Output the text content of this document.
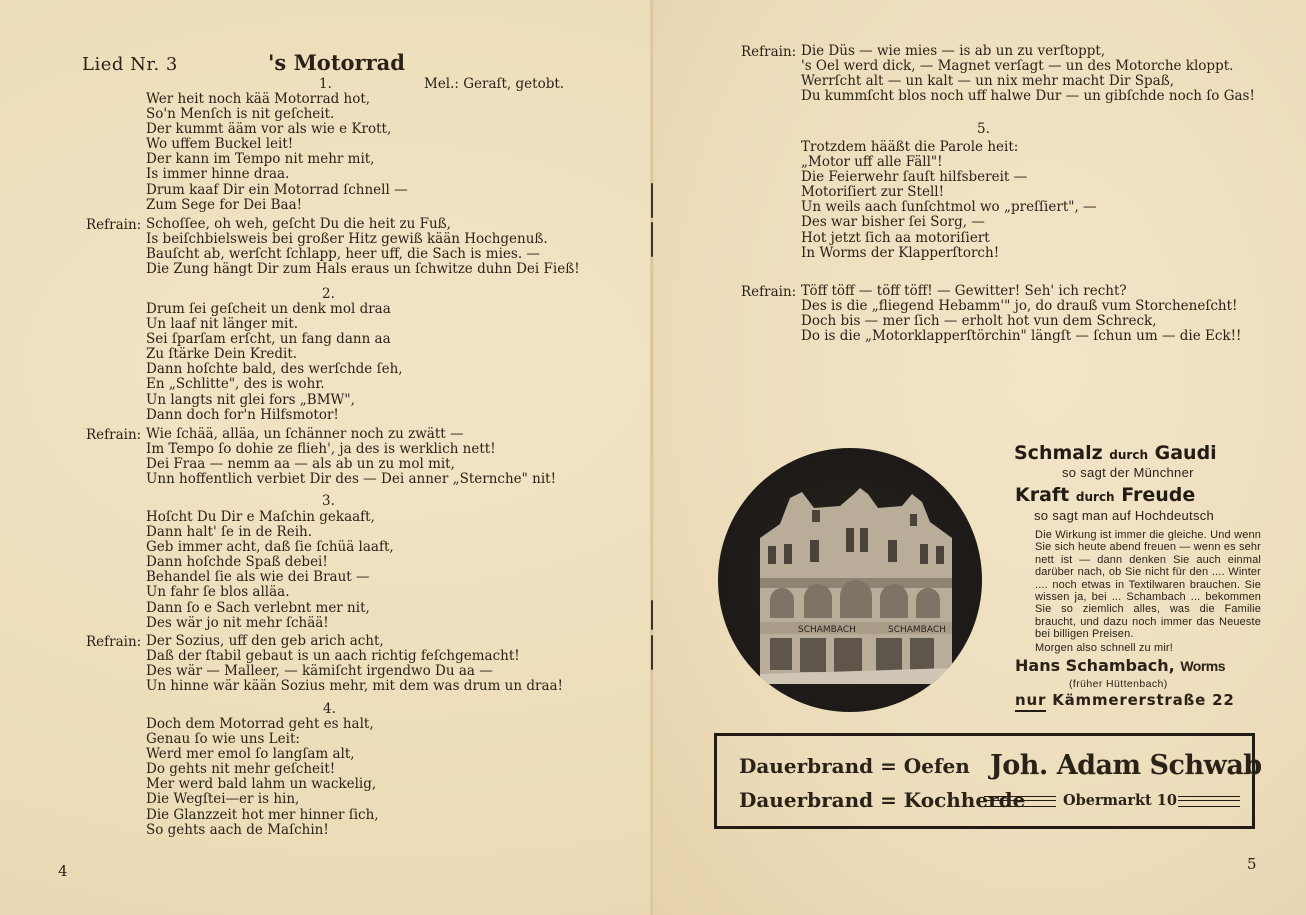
Lied Nr. 3	's Motorrad
1.	Mel.: Geraſt, getobt.
Wer heit noch kää Motorrad hot,
So'n Menſch is nit geſcheit.
Der kummt ääm vor als wie e Krott,
Wo uffem Buckel leit!
Der kann im Tempo nit mehr mit,
Is immer hinne draa.
Drum kaaf Dir ein Motorrad ſchnell —
Zum Sege for Dei Baa!
Refrain: Schoſſee, oh weh, geſcht Du die heit zu Fuß,
Is beiſchbielsweis bei großer Hitz gewiß kään Hochgenuß.
Bauſcht ab, werſcht ſchlapp, heer uff, die Sach is mies. —
Die Zung hängt Dir zum Hals eraus un ſchwitze duhn Dei Fieß!
2.
Drum ſei geſcheit un denk mol draa
Un laaf nit länger mit.
Sei ſparſam erſcht, un fang dann aa
Zu ſtärke Dein Kredit.
Dann hoſchte bald, des werſchde ſeh,
En „Schlitte", des is wohr.
Un langts nit glei fors „BMW",
Dann doch for'n Hilfsmotor!
Refrain: Wie ſchää, alläa, un ſchänner noch zu zwätt —
Im Tempo ſo dohie ze flieh', ja des is werklich nett!
Dei Fraa — nemm aa — als ab un zu mol mit,
Unn hoffentlich verbiet Dir des — Dei anner „Sternche" nit!
3.
Hoſcht Du Dir e Maſchin gekaaft,
Dann halt' ſe in de Reih.
Geb immer acht, daß ſie ſchüä laaft,
Dann hoſchde Spaß debei!
Behandel ſie als wie dei Braut —
Un fahr ſe blos alläa.
Dann ſo e Sach verlebnt mer nit,
Des wär jo nit mehr ſchää!
Refrain: Der Sozius, uff den geb arich acht,
Daß der ſtabil gebaut is un aach richtig feſchgemacht!
Des wär — Malleer, — kämiſcht irgendwo Du aa —
Un hinne wär kään Sozius mehr, mit dem was drum un draa!
4.
Doch dem Motorrad geht es halt,
Genau ſo wie uns Leit:
Werd mer emol ſo langſam alt,
Do gehts nit mehr geſcheit!
Mer werd bald lahm un wackelig,
Die Wegſtei—er is hin,
Die Glanzzeit hot mer hinner ſich,
So gehts aach de Maſchin!
4
Refrain: Die Düs — wie mies — is ab un zu verſtoppt,
's Oel werd dick, — Magnet verſagt — un des Motorche kloppt.
Werrſcht alt — un kalt — un nix mehr macht Dir Spaß,
Du kummſcht blos noch uff halwe Dur — un gibſchde noch ſo Gas!
5.
Trotzdem hääßt die Parole heit:
„Motor uff alle Fäll"!
Die Feierwehr ſauſt hilfsbereit —
Motoriſiert zur Stell!
Un weils aach ſunſchtmol wo „preſſiert", —
Des war bisher ſei Sorg, —
Hot jetzt ſich aa motoriſiert
In Worms der Klapperſtorch!
Refrain: Töff töff — töff töff! — Gewitter! Seh' ich recht?
Des is die „fliegend Hebamm'" jo, do drauß vum Storcheneſcht!
Doch bis — mer ſich — erholt hot vun dem Schreck,
Do is die „Motorklapperſtörchin" längſt — ſchun um — die Eck!!
SCHAMBACH	SCHAMBACH
Schmalz durch Gaudi
so sagt der Münchner
Kraft durch Freude
so sagt man auf Hochdeutsch
Die Wirkung ist immer die gleiche. Und wenn Sie sich heute abend freuen — wenn es sehr nett ist — dann denken Sie auch einmal darüber nach, ob Sie nicht für den .... Winter .... noch etwas in Textilwaren brauchen. Sie wissen ja, bei ... Schambach ... bekommen Sie so ziemlich alles, was die Familie braucht, und dazu noch immer das Neueste bei billigen Preisen.
Morgen also schnell zu mir!
Hans Schambach, Worms
(früher Hüttenbach)
nur Kämmererstraße 22
Dauerbrand = Oefen
Dauerbrand = Kochherde
Joh. Adam Schwab
Obermarkt 10
5
